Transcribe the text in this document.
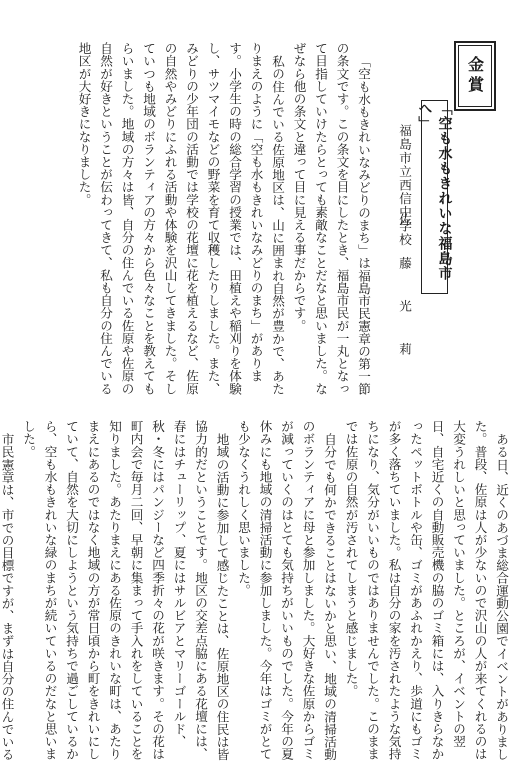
金賞
「空も水もきれいな福島市へ」
福島市立西信中学校
佐　藤　光　莉

「空も水もきれいなみどりのまち」は福島市民憲章の第一節の条文です。この条文を目にしたとき、福島市民が一丸となって目指していけたらとっても素敵なことだなと思いました。なぜなら他の条文と違って目に見える事だからです。

私の住んでいる佐原地区は、山に囲まれ自然が豊かで、あたりまえのように「空も水もきれいなみどりのまち」があります。小学生の時の総合学習の授業では、田植えや稲刈りを体験し、サツマイモなどの野菜を育て収穫したりしました。また、みどりの少年団の活動では学校の花壇に花を植えるなど、佐原の自然やみどりにふれる活動や体験を沢山してきました。そしていつも地域のボランティアの方々から色々なことを教えてもらいました。地域の方々は皆、自分の住んでいる佐原や佐原の自然が好きということが伝わってきて、私も自分の住んでいる地区が大好きになりました。

ある日、近くのあづま総合運動公園でイベントがありました。普段、佐原は人が少ないので沢山の人が来てくれるのは大変うれしいと思っていました。ところが、イベントの翌日、自宅近くの自動販売機の脇のゴミ箱には、入りきらなかったペットボトルや缶、ゴミがあふれかえり、歩道にもゴミが多く落ちていました。私は自分の家を汚されたような気持ちになり、気分がいいものではありませんでした。このままでは佐原の自然が汚されてしまうと感じました。

自分でも何かできることはないかと思い、地域の清掃活動のボランティアに母と参加しました。大好きな佐原からゴミが減っていくのはとても気持ちがいいものでした。今年の夏休みにも地域の清掃活動に参加しました。今年はゴミがとても少なくうれしく思いました。

地域の活動に参加して感じたことは、佐原地区の住民は皆協力的だということです。地区の交差点脇にある花壇には、春にはチューリップ、夏にはサルビアとマリーゴールド、秋・冬にはパンジーなど四季折々の花が咲きます。その花は町内会で毎月二回、早朝に集まって手入れをしていることを知りました。あたりまえにある佐原のきれいな町は、あたりまえにあるのではなく地域の方が常日頃から町をきれいにしていて、自然を大切にしようという気持ちで過ごしているから、空も水もきれいな緑のまちが続いているのだなと思いました。

市民憲章は、市での目標ですが、まずは自分の住んでいる
